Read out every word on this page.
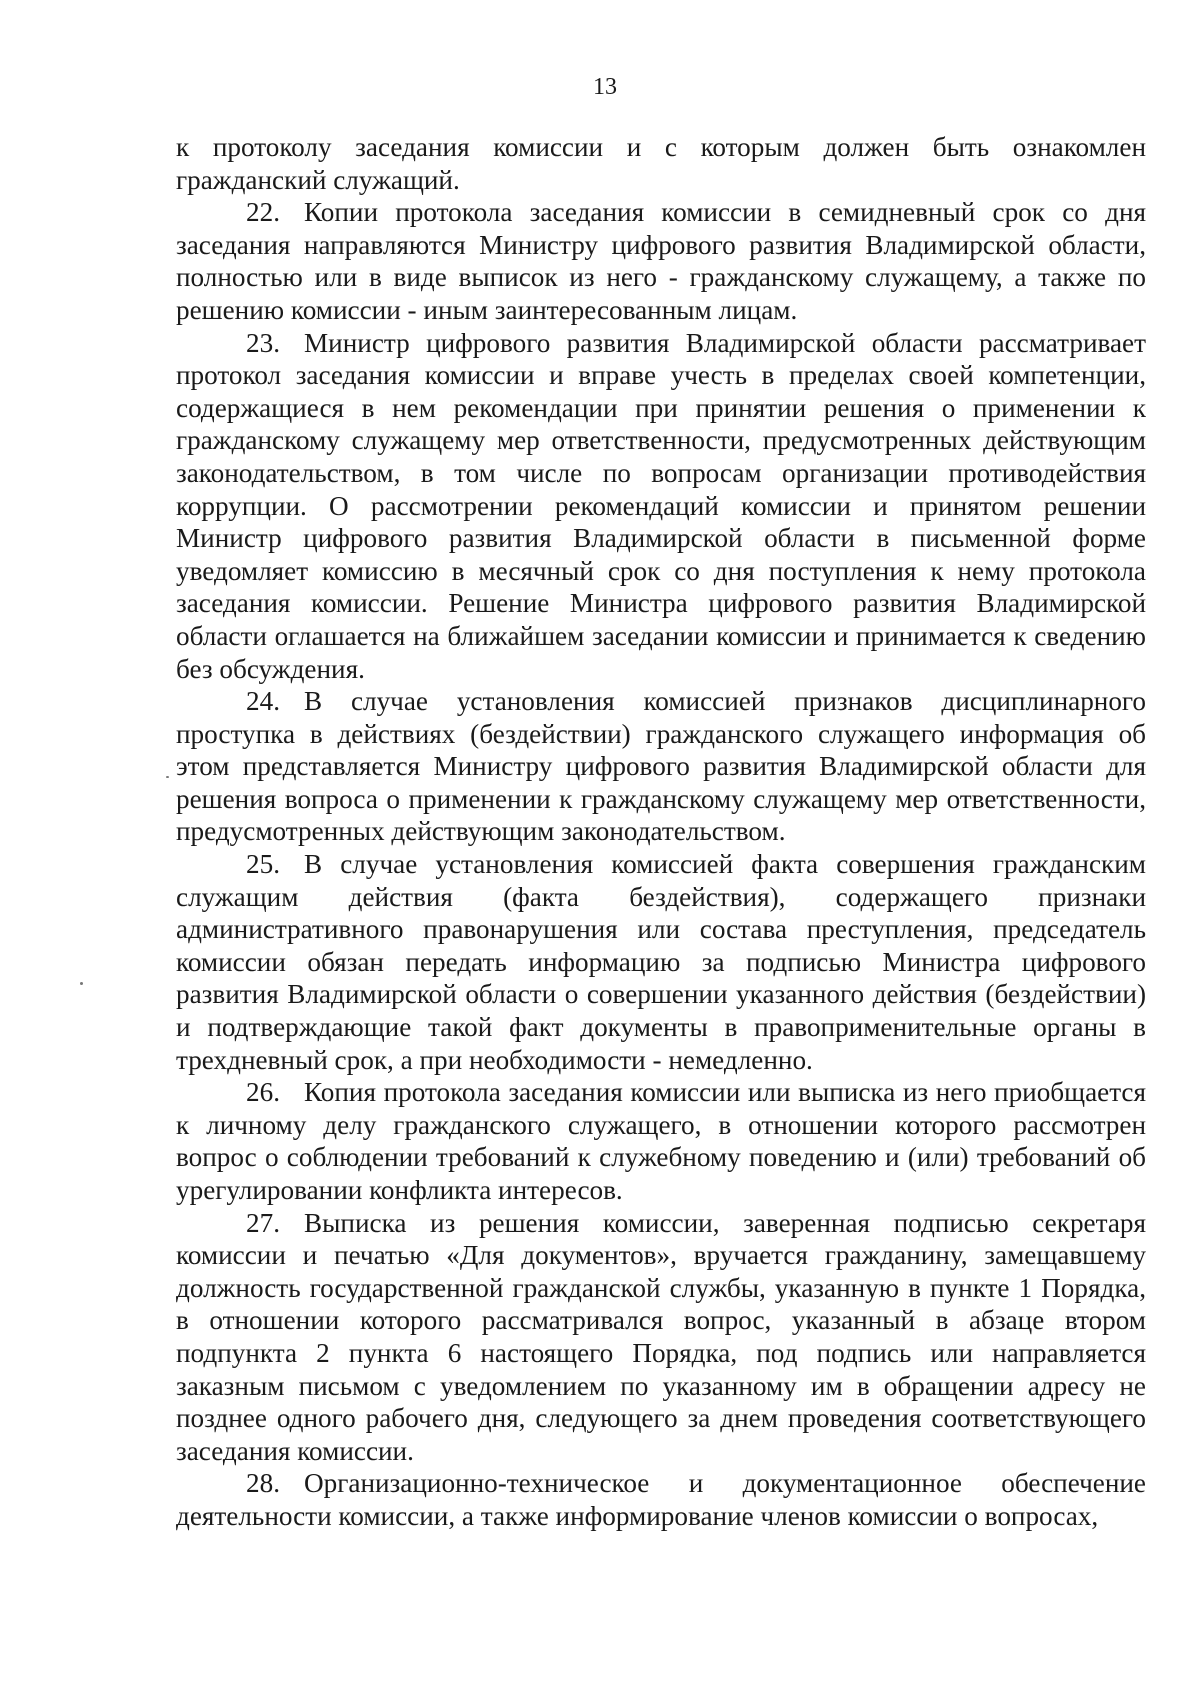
13

к протоколу заседания комиссии и с которым должен быть ознакомлен гражданский служащий.

22. Копии протокола заседания комиссии в семидневный срок со дня заседания направляются Министру цифрового развития Владимирской области, полностью или в виде выписок из него - гражданскому служащему, а также по решению комиссии - иным заинтересованным лицам.

23. Министр цифрового развития Владимирской области рассматривает протокол заседания комиссии и вправе учесть в пределах своей компетенции, содержащиеся в нем рекомендации при принятии решения о применении к гражданскому служащему мер ответственности, предусмотренных действующим законодательством, в том числе по вопросам организации противодействия коррупции. О рассмотрении рекомендаций комиссии и принятом решении Министр цифрового развития Владимирской области в письменной форме уведомляет комиссию в месячный срок со дня поступления к нему протокола заседания комиссии. Решение Министра цифрового развития Владимирской области оглашается на ближайшем заседании комиссии и принимается к сведению без обсуждения.

24. В случае установления комиссией признаков дисциплинарного проступка в действиях (бездействии) гражданского служащего информация об этом представляется Министру цифрового развития Владимирской области для решения вопроса о применении к гражданскому служащему мер ответственности, предусмотренных действующим законодательством.

25. В случае установления комиссией факта совершения гражданским служащим действия (факта бездействия), содержащего признаки административного правонарушения или состава преступления, председатель комиссии обязан передать информацию за подписью Министра цифрового развития Владимирской области о совершении указанного действия (бездействии) и подтверждающие такой факт документы в правоприменительные органы в трехдневный срок, а при необходимости - немедленно.

26. Копия протокола заседания комиссии или выписка из него приобщается к личному делу гражданского служащего, в отношении которого рассмотрен вопрос о соблюдении требований к служебному поведению и (или) требований об урегулировании конфликта интересов.

27. Выписка из решения комиссии, заверенная подписью секретаря комиссии и печатью «Для документов», вручается гражданину, замещавшему должность государственной гражданской службы, указанную в пункте 1 Порядка, в отношении которого рассматривался вопрос, указанный в абзаце втором подпункта 2 пункта 6 настоящего Порядка, под подпись или направляется заказным письмом с уведомлением по указанному им в обращении адресу не позднее одного рабочего дня, следующего за днем проведения соответствующего заседания комиссии.

28. Организационно-техническое и документационное обеспечение деятельности комиссии, а также информирование членов комиссии о вопросах,
